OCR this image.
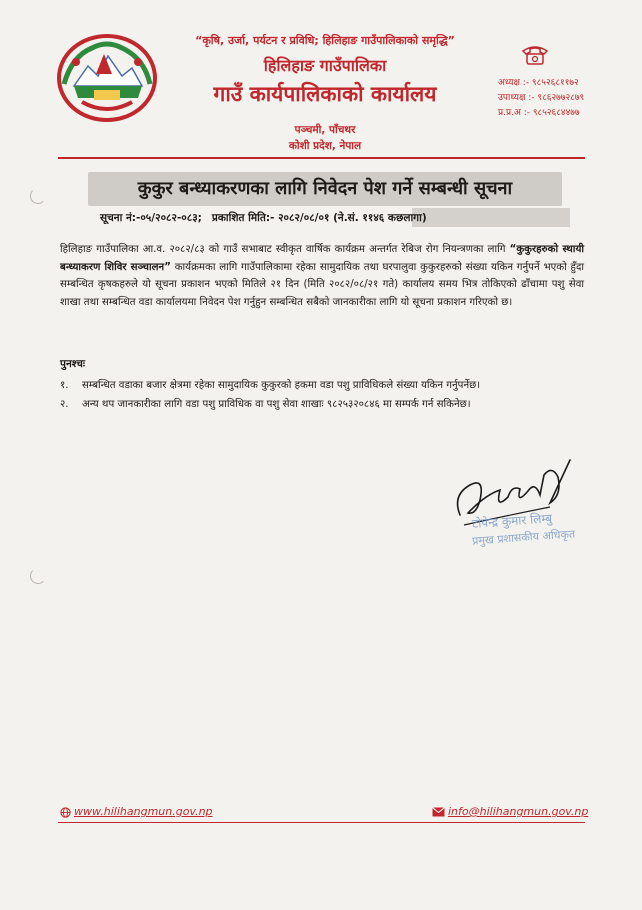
“कृषि, उर्जा, पर्यटन र प्रविधि; हिलिहाङ गाउँपालिकाको समृद्धि”
हिलिहाङ गाउँपालिका
गाउँ कार्यपालिकाको कार्यालय
पञ्चमी, पाँचथर
कोशी प्रदेश, नेपाल
अध्यक्ष :- ९८५२६८११७२
उपाध्यक्ष :- ९८६२७७२८७९
प्र.प्र.अ :- ९८५२६८४४७७
कुकुर बन्ध्याकरणका लागि निवेदन पेश गर्ने सम्बन्धी सूचना
सूचना नं:-०५/२०८२-०८३; प्रकाशित मिति:- २०८२/०८/०१ (ने.सं. ११४६ कछलागा)

हिलिहाङ गाउँपालिका आ.व. २०८२/८३ को गाउँ सभाबाट स्वीकृत वार्षिक कार्यक्रम अन्तर्गत रेबिज रोग नियन्त्रणका लागि “कुकुरहरुको स्थायी बन्ध्याकरण शिविर सञ्चालन” कार्यक्रमका लागि गाउँपालिकामा रहेका सामुदायिक तथा घरपालुवा कुकुरहरुको संख्या यकिन गर्नुपर्ने भएको हुँदा सम्बन्धित कृषकहरुले यो सूचना प्रकाशन भएको मितिले २१ दिन (मिति २०८२/०८/२१ गते) कार्यालय समय भित्र तोकिएको ढाँचामा पशु सेवा शाखा तथा सम्बन्धित वडा कार्यालयमा निवेदन पेश गर्नुहुन सम्बन्धित सबैको जानकारीका लागि यो सूचना प्रकाशन गरिएको छ।

पुनश्चः
१.	सम्बन्धित वडाका बजार क्षेत्रमा रहेका सामुदायिक कुकुरको हकमा वडा पशु प्राविधिकले संख्या यकिन गर्नुपर्नेछ।
२.	अन्य थप जानकारीका लागि वडा पशु प्राविधिक वा पशु सेवा शाखाः ९८२५३२०८४६ मा सम्पर्क गर्न सकिनेछ।
टोपेन्द्र कुमार लिम्बु
प्रमुख प्रशासकीय अधिकृत
www.hilihangmun.gov.np	info@hilihangmun.gov.np
